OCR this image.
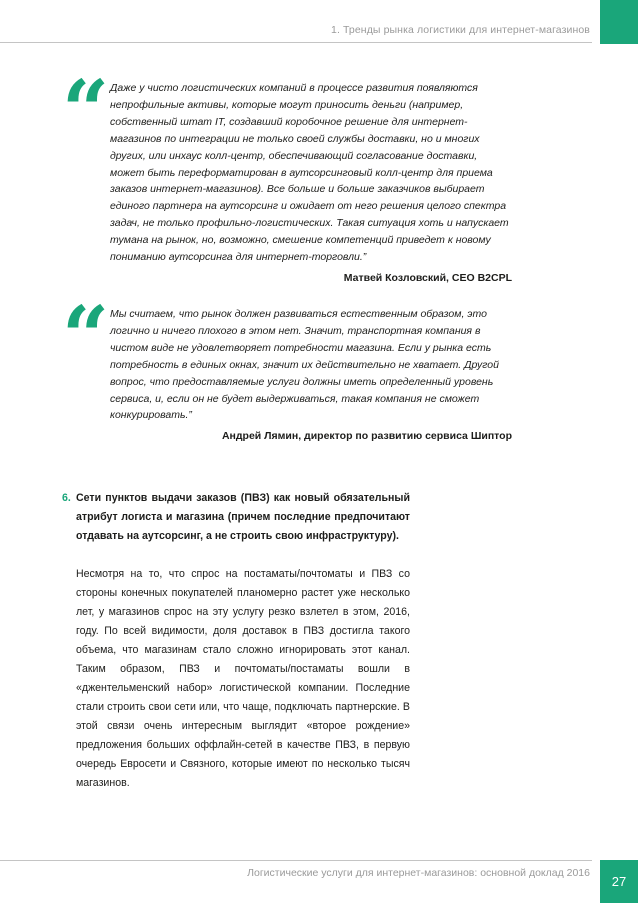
1. Тренды рынка логистики для интернет-магазинов
“ Даже у чисто логистических компаний в процессе развития появляются непрофильные активы, которые могут приносить деньги (например, собственный штат IT, создавший коробочное решение для интернет-магазинов по интеграции не только своей службы доставки, но и многих других, или инхаус колл-центр, обеспечивающий согласование доставки, может быть переформатирован в аутсорсинговый колл-центр для приема заказов интернет-магазинов). Все больше и больше заказчиков выбирает единого партнера на аутсорсинг и ожидает от него решения целого спектра задач, не только профильно-логистических. Такая ситуация хоть и напускает тумана на рынок, но, возможно, смешение компетенций приведет к новому пониманию аутсорсинга для интернет-торговли.”
Матвей Козловский, CEO B2CPL
“ Мы считаем, что рынок должен развиваться естественным образом, это логично и ничего плохого в этом нет. Значит, транспортная компания в чистом виде не удовлетворяет потребности магазина. Если у рынка есть потребность в единых окнах, значит их действительно не хватает. Другой вопрос, что предоставляемые услуги должны иметь определенный уровень сервиса, и, если он не будет выдерживаться, такая компания не сможет конкурировать.”
Андрей Лямин, директор по развитию сервиса Шиптор
6. Сети пунктов выдачи заказов (ПВЗ) как новый обязательный атрибут логиста и магазина (причем последние предпочитают отдавать на аутсорсинг, а не строить свою инфраструктуру).
Несмотря на то, что спрос на постаматы/почтоматы и ПВЗ со стороны конечных покупателей планомерно растет уже несколько лет, у магазинов спрос на эту услугу резко взлетел в этом, 2016, году. По всей видимости, доля доставок в ПВЗ достигла такого объема, что магазинам стало сложно игнорировать этот канал. Таким образом, ПВЗ и почтоматы/постаматы вошли в «джентельменский набор» логистической компании. Последние стали строить свои сети или, что чаще, подключать партнерские. В этой связи очень интересным выглядит «второе рождение» предложения больших оффлайн-сетей в качестве ПВЗ, в первую очередь Евросети и Связного, которые имеют по несколько тысяч магазинов.
Логистические услуги для интернет-магазинов: основной доклад 2016
27
